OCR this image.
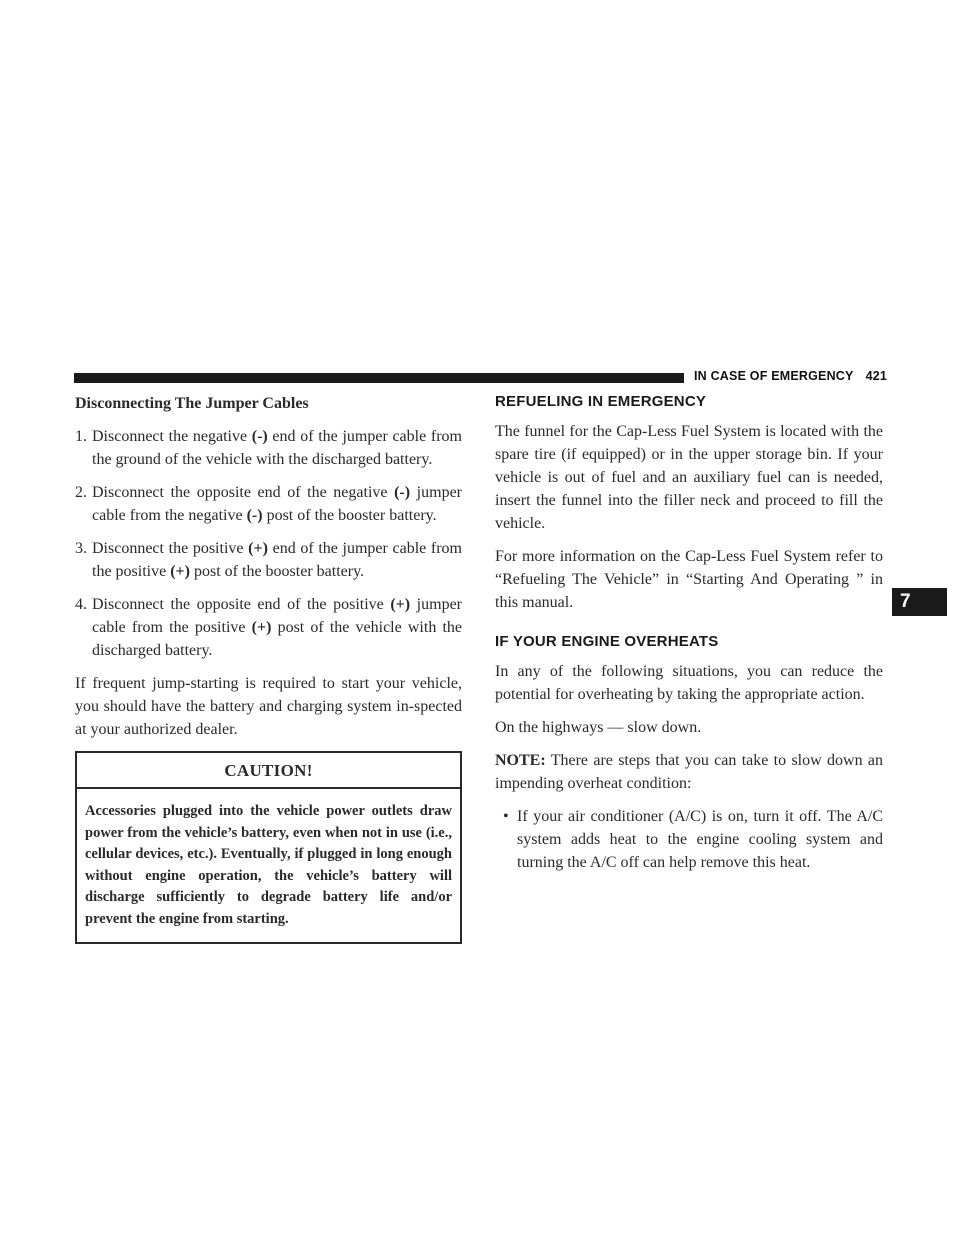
IN CASE OF EMERGENCY 421

Disconnecting The Jumper Cables

1. Disconnect the negative (-) end of the jumper cable from the ground of the vehicle with the discharged battery.

2. Disconnect the opposite end of the negative (-) jumper cable from the negative (-) post of the booster battery.

3. Disconnect the positive (+) end of the jumper cable from the positive (+) post of the booster battery.

4. Disconnect the opposite end of the positive (+) jumper cable from the positive (+) post of the vehicle with the discharged battery.

If frequent jump-starting is required to start your vehicle, you should have the battery and charging system in-spected at your authorized dealer.

CAUTION!
Accessories plugged into the vehicle power outlets draw power from the vehicle’s battery, even when not in use (i.e., cellular devices, etc.). Eventually, if plugged in long enough without engine operation, the vehicle’s battery will discharge sufficiently to degrade battery life and/or prevent the engine from starting.

REFUELING IN EMERGENCY

The funnel for the Cap-Less Fuel System is located with the spare tire (if equipped) or in the upper storage bin. If your vehicle is out of fuel and an auxiliary fuel can is needed, insert the funnel into the filler neck and proceed to fill the vehicle.

For more information on the Cap-Less Fuel System refer to “Refueling The Vehicle” in “Starting And Operating ” in this manual.

IF YOUR ENGINE OVERHEATS

In any of the following situations, you can reduce the potential for overheating by taking the appropriate action.

On the highways — slow down.

NOTE: There are steps that you can take to slow down an impending overheat condition:

• If your air conditioner (A/C) is on, turn it off. The A/C system adds heat to the engine cooling system and turning the A/C off can help remove this heat.

7
